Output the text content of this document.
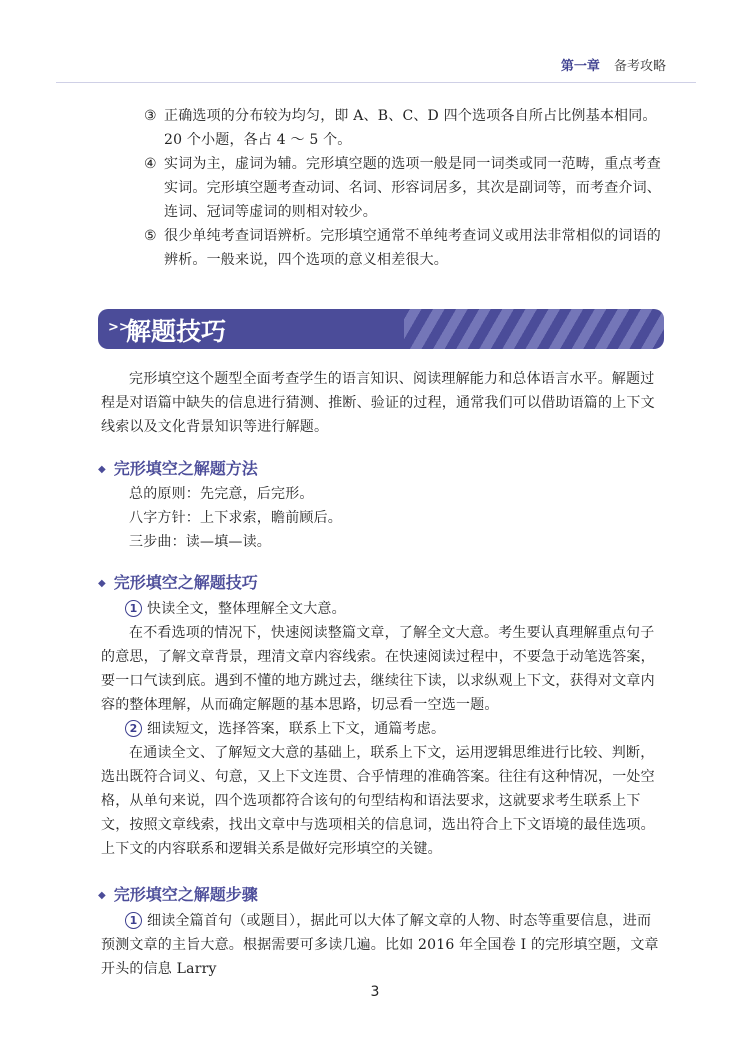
第一章 备考攻略
③ 正确选项的分布较为均匀，即 A、B、C、D 四个选项各自所占比例基本相同。20 个小题，各占 4 ～ 5 个。
④ 实词为主，虚词为辅。完形填空题的选项一般是同一词类或同一范畴，重点考查实词。完形填空题考查动词、名词、形容词居多，其次是副词等，而考查介词、连词、冠词等虚词的则相对较少。
⑤ 很少单纯考查词语辨析。完形填空通常不单纯考查词义或用法非常相似的词语的辨析。一般来说，四个选项的意义相差很大。
>>
解题技巧

完形填空这个题型全面考查学生的语言知识、阅读理解能力和总体语言水平。解题过程是对语篇中缺失的信息进行猜测、推断、验证的过程，通常我们可以借助语篇的上下文线索以及文化背景知识等进行解题。

◆ 完形填空之解题方法

总的原则：先完意，后完形。

八字方针：上下求索，瞻前顾后。

三步曲：读—填—读。

◆ 完形填空之解题技巧

1 快读全文，整体理解全文大意。

在不看选项的情况下，快速阅读整篇文章，了解全文大意。考生要认真理解重点句子的意思，了解文章背景，理清文章内容线索。在快速阅读过程中，不要急于动笔选答案，要一口气读到底。遇到不懂的地方跳过去，继续往下读，以求纵观上下文，获得对文章内容的整体理解，从而确定解题的基本思路，切忌看一空选一题。

2 细读短文，选择答案，联系上下文，通篇考虑。

在通读全文、了解短文大意的基础上，联系上下文，运用逻辑思维进行比较、判断，选出既符合词义、句意，又上下文连贯、合乎情理的准确答案。往往有这种情况，一处空格，从单句来说，四个选项都符合该句的句型结构和语法要求，这就要求考生联系上下文，按照文章线索，找出文章中与选项相关的信息词，选出符合上下文语境的最佳选项。上下文的内容联系和逻辑关系是做好完形填空的关键。

◆ 完形填空之解题步骤

1 细读全篇首句（或题目），据此可以大体了解文章的人物、时态等重要信息，进而预测文章的主旨大意。根据需要可多读几遍。比如 2016 年全国卷 I 的完形填空题，文章开头的信息 Larry

3
